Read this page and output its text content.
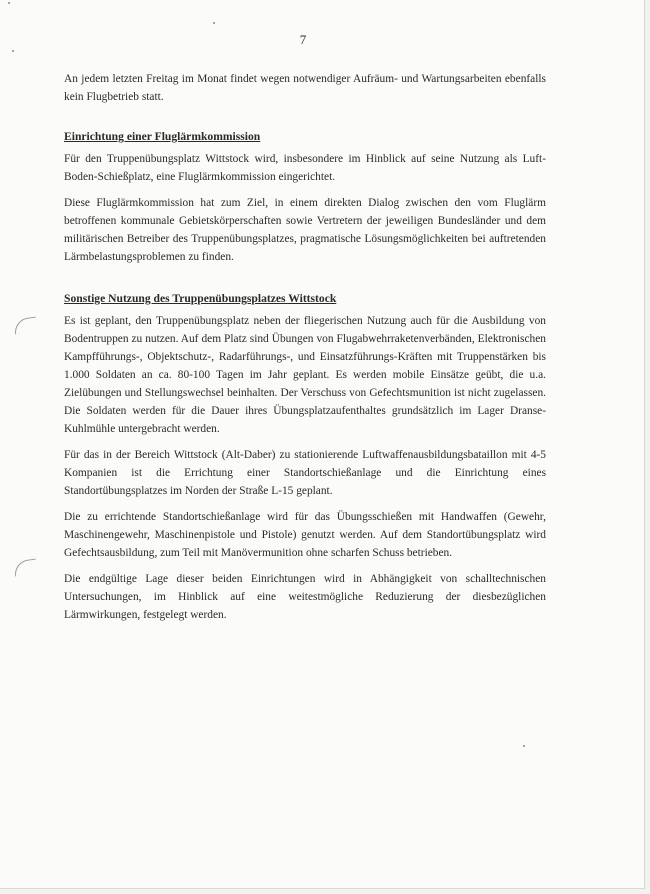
7

An jedem letzten Freitag im Monat findet wegen notwendiger Aufräum- und Wartungsarbeiten ebenfalls kein Flugbetrieb statt.

Einrichtung einer Fluglärmkommission

Für den Truppenübungsplatz Wittstock wird, insbesondere im Hinblick auf seine Nutzung als Luft-Boden-Schießplatz, eine Fluglärmkommission eingerichtet.

Diese Fluglärmkommission hat zum Ziel, in einem direkten Dialog zwischen den vom Fluglärm betroffenen kommunale Gebietskörperschaften sowie Vertretern der jeweiligen Bundesländer und dem militärischen Betreiber des Truppenübungsplatzes, pragmatische Lösungsmöglichkeiten bei auftretenden Lärmbelastungsproblemen zu finden.

Sonstige Nutzung des Truppenübungsplatzes Wittstock

Es ist geplant, den Truppenübungsplatz neben der fliegerischen Nutzung auch für die Ausbildung von Bodentruppen zu nutzen. Auf dem Platz sind Übungen von Flugabwehrraketenverbänden, Elektronischen Kampfführungs-, Objektschutz-, Radarführungs-, und Einsatzführungs-Kräften mit Truppenstärken bis 1.000 Soldaten an ca. 80-100 Tagen im Jahr geplant. Es werden mobile Einsätze geübt, die u.a. Zielübungen und Stellungswechsel beinhalten. Der Verschuss von Gefechtsmunition ist nicht zugelassen. Die Soldaten werden für die Dauer ihres Übungsplatzaufenthaltes grundsätzlich im Lager Dranse-Kuhlmühle untergebracht werden.

Für das in der Bereich Wittstock (Alt-Daber) zu stationierende Luftwaffenausbildungsbataillon mit 4-5 Kompanien ist die Errichtung einer Standortschießanlage und die Einrichtung eines Standortübungsplatzes im Norden der Straße L-15 geplant.

Die zu errichtende Standortschießanlage wird für das Übungsschießen mit Handwaffen (Gewehr, Maschinengewehr, Maschinenpistole und Pistole) genutzt werden. Auf dem Standortübungsplatz wird Gefechtsausbildung, zum Teil mit Manövermunition ohne scharfen Schuss betrieben.

Die endgültige Lage dieser beiden Einrichtungen wird in Abhängigkeit von schalltechnischen Untersuchungen, im Hinblick auf eine weitestmögliche Reduzierung der diesbezüglichen Lärmwirkungen, festgelegt werden.
